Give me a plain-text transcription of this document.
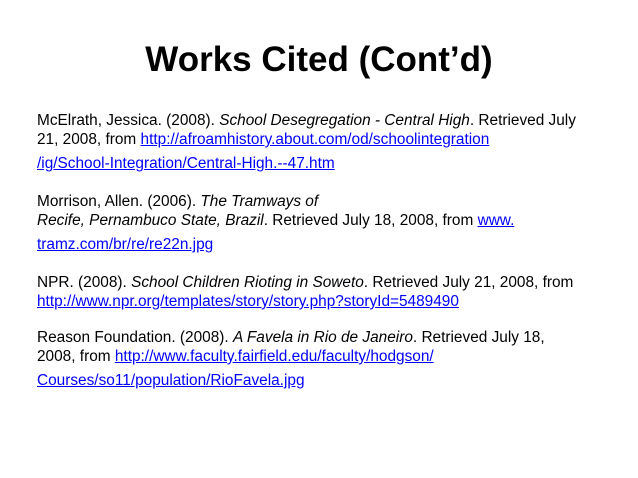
Works Cited (Cont’d)
McElrath, Jessica. (2008). School Desegregation - Central High. Retrieved July
21, 2008, from http://afroamhistory.about.com/od/schoolintegration
/ig/School-Integration/Central-High.--47.htm
Morrison, Allen. (2006). The Tramways of
Recife, Pernambuco State, Brazil. Retrieved July 18, 2008, from www.
tramz.com/br/re/re22n.jpg
NPR. (2008). School Children Rioting in Soweto. Retrieved July 21, 2008, from
http://www.npr.org/templates/story/story.php?storyId=5489490
Reason Foundation. (2008). A Favela in Rio de Janeiro. Retrieved July 18,
2008, from http://www.faculty.fairfield.edu/faculty/hodgson/
Courses/so11/population/RioFavela.jpg
